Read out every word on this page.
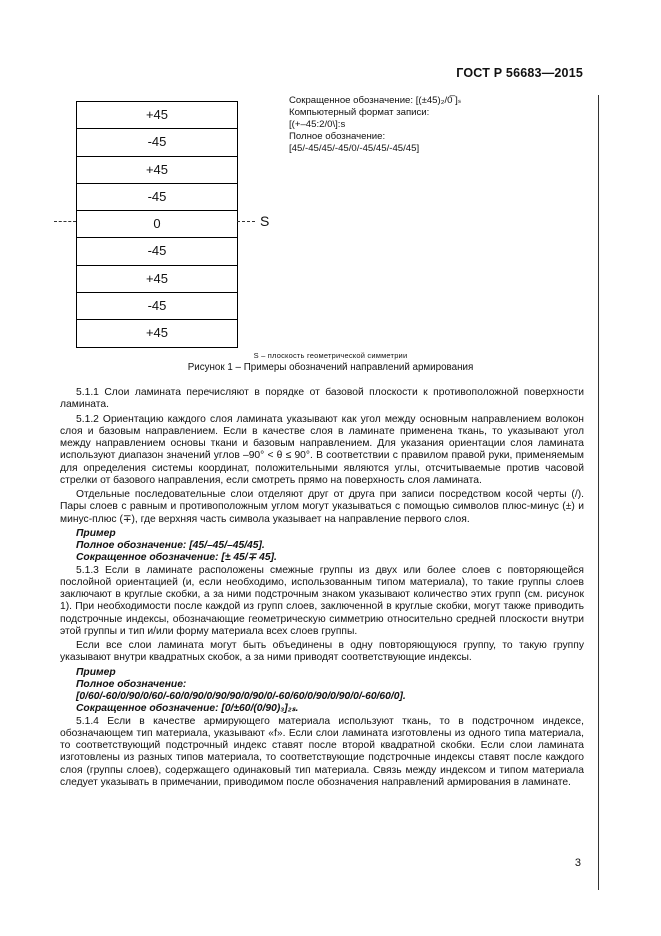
ГОСТ Р 56683—2015
+45
-45
+45
-45
0
-45
+45
-45
+45
S
Сокращенное обозначение: [(±45)₂/0̅ ]ₛ
Компьютерный формат записи:
[(+–45:2/0\]:s
Полное обозначение:
[45/-45/45/-45/0/-45/45/-45/45]
S – плоскость геометрической симметрии
Рисунок 1 – Примеры обозначений направлений армирования

5.1.1 Слои ламината перечисляют в порядке от базовой плоскости к противоположной поверхности ламината.

5.1.2 Ориентацию каждого слоя ламината указывают как угол между основным направлением волокон слоя и базовым направлением. Если в качестве слоя в ламинате применена ткань, то указывают угол между направлением основы ткани и базовым направлением. Для указания ориентации слоя ламината используют диапазон значений углов –90° < θ ≤ 90°. В соответствии с правилом правой руки, применяемым для определения системы координат, положительными являются углы, отсчитываемые против часовой стрелки от базового направления, если смотреть прямо на поверхность слоя ламината.

Отдельные последовательные слои отделяют друг от друга при записи посредством косой черты (/). Пары слоев с равным и противоположным углом могут указываться с помощью символов плюс-минус (±) и минус-плюс (∓), где верхняя часть символа указывает на направление первого слоя.

Пример
Полное обозначение: [45/–45/–45/45].
Сокращенное обозначение: [± 45/∓ 45].

5.1.3 Если в ламинате расположены смежные группы из двух или более слоев с повторяющейся послойной ориентацией (и, если необходимо, использованным типом материала), то такие группы слоев заключают в круглые скобки, а за ними подстрочным знаком указывают количество этих групп (см. рисунок 1). При необходимости после каждой из групп слоев, заключенной в круглые скобки, могут также приводить подстрочные индексы, обозначающие геометрическую симметрию относительно средней плоскости внутри этой группы и тип и/или форму материала всех слоев группы.

Если все слои ламината могут быть объединены в одну повторяющуюся группу, то такую группу указывают внутри квадратных скобок, а за ними приводят соответствующие индексы.

Пример
Полное обозначение:
[0/60/-60/0/90/0/60/-60/0/90/0/90/90/0/90/0/-60/60/0/90/0/90/0/-60/60/0].
Сокращенное обозначение: [0/±60/(0/90)₃]₂ₛ.

5.1.4 Если в качестве армирующего материала используют ткань, то в подстрочном индексе, обозначающем тип материала, указывают «f». Если слои ламината изготовлены из одного типа материала, то соответствующий подстрочный индекс ставят после второй квадратной скобки. Если слои ламината изготовлены из разных типов материала, то соответствующие подстрочные индексы ставят после каждого слоя (группы слоев), содержащего одинаковый тип материала. Связь между индексом и типом материала следует указывать в примечании, приводимом после обозначения направлений армирования в ламинате.

3
